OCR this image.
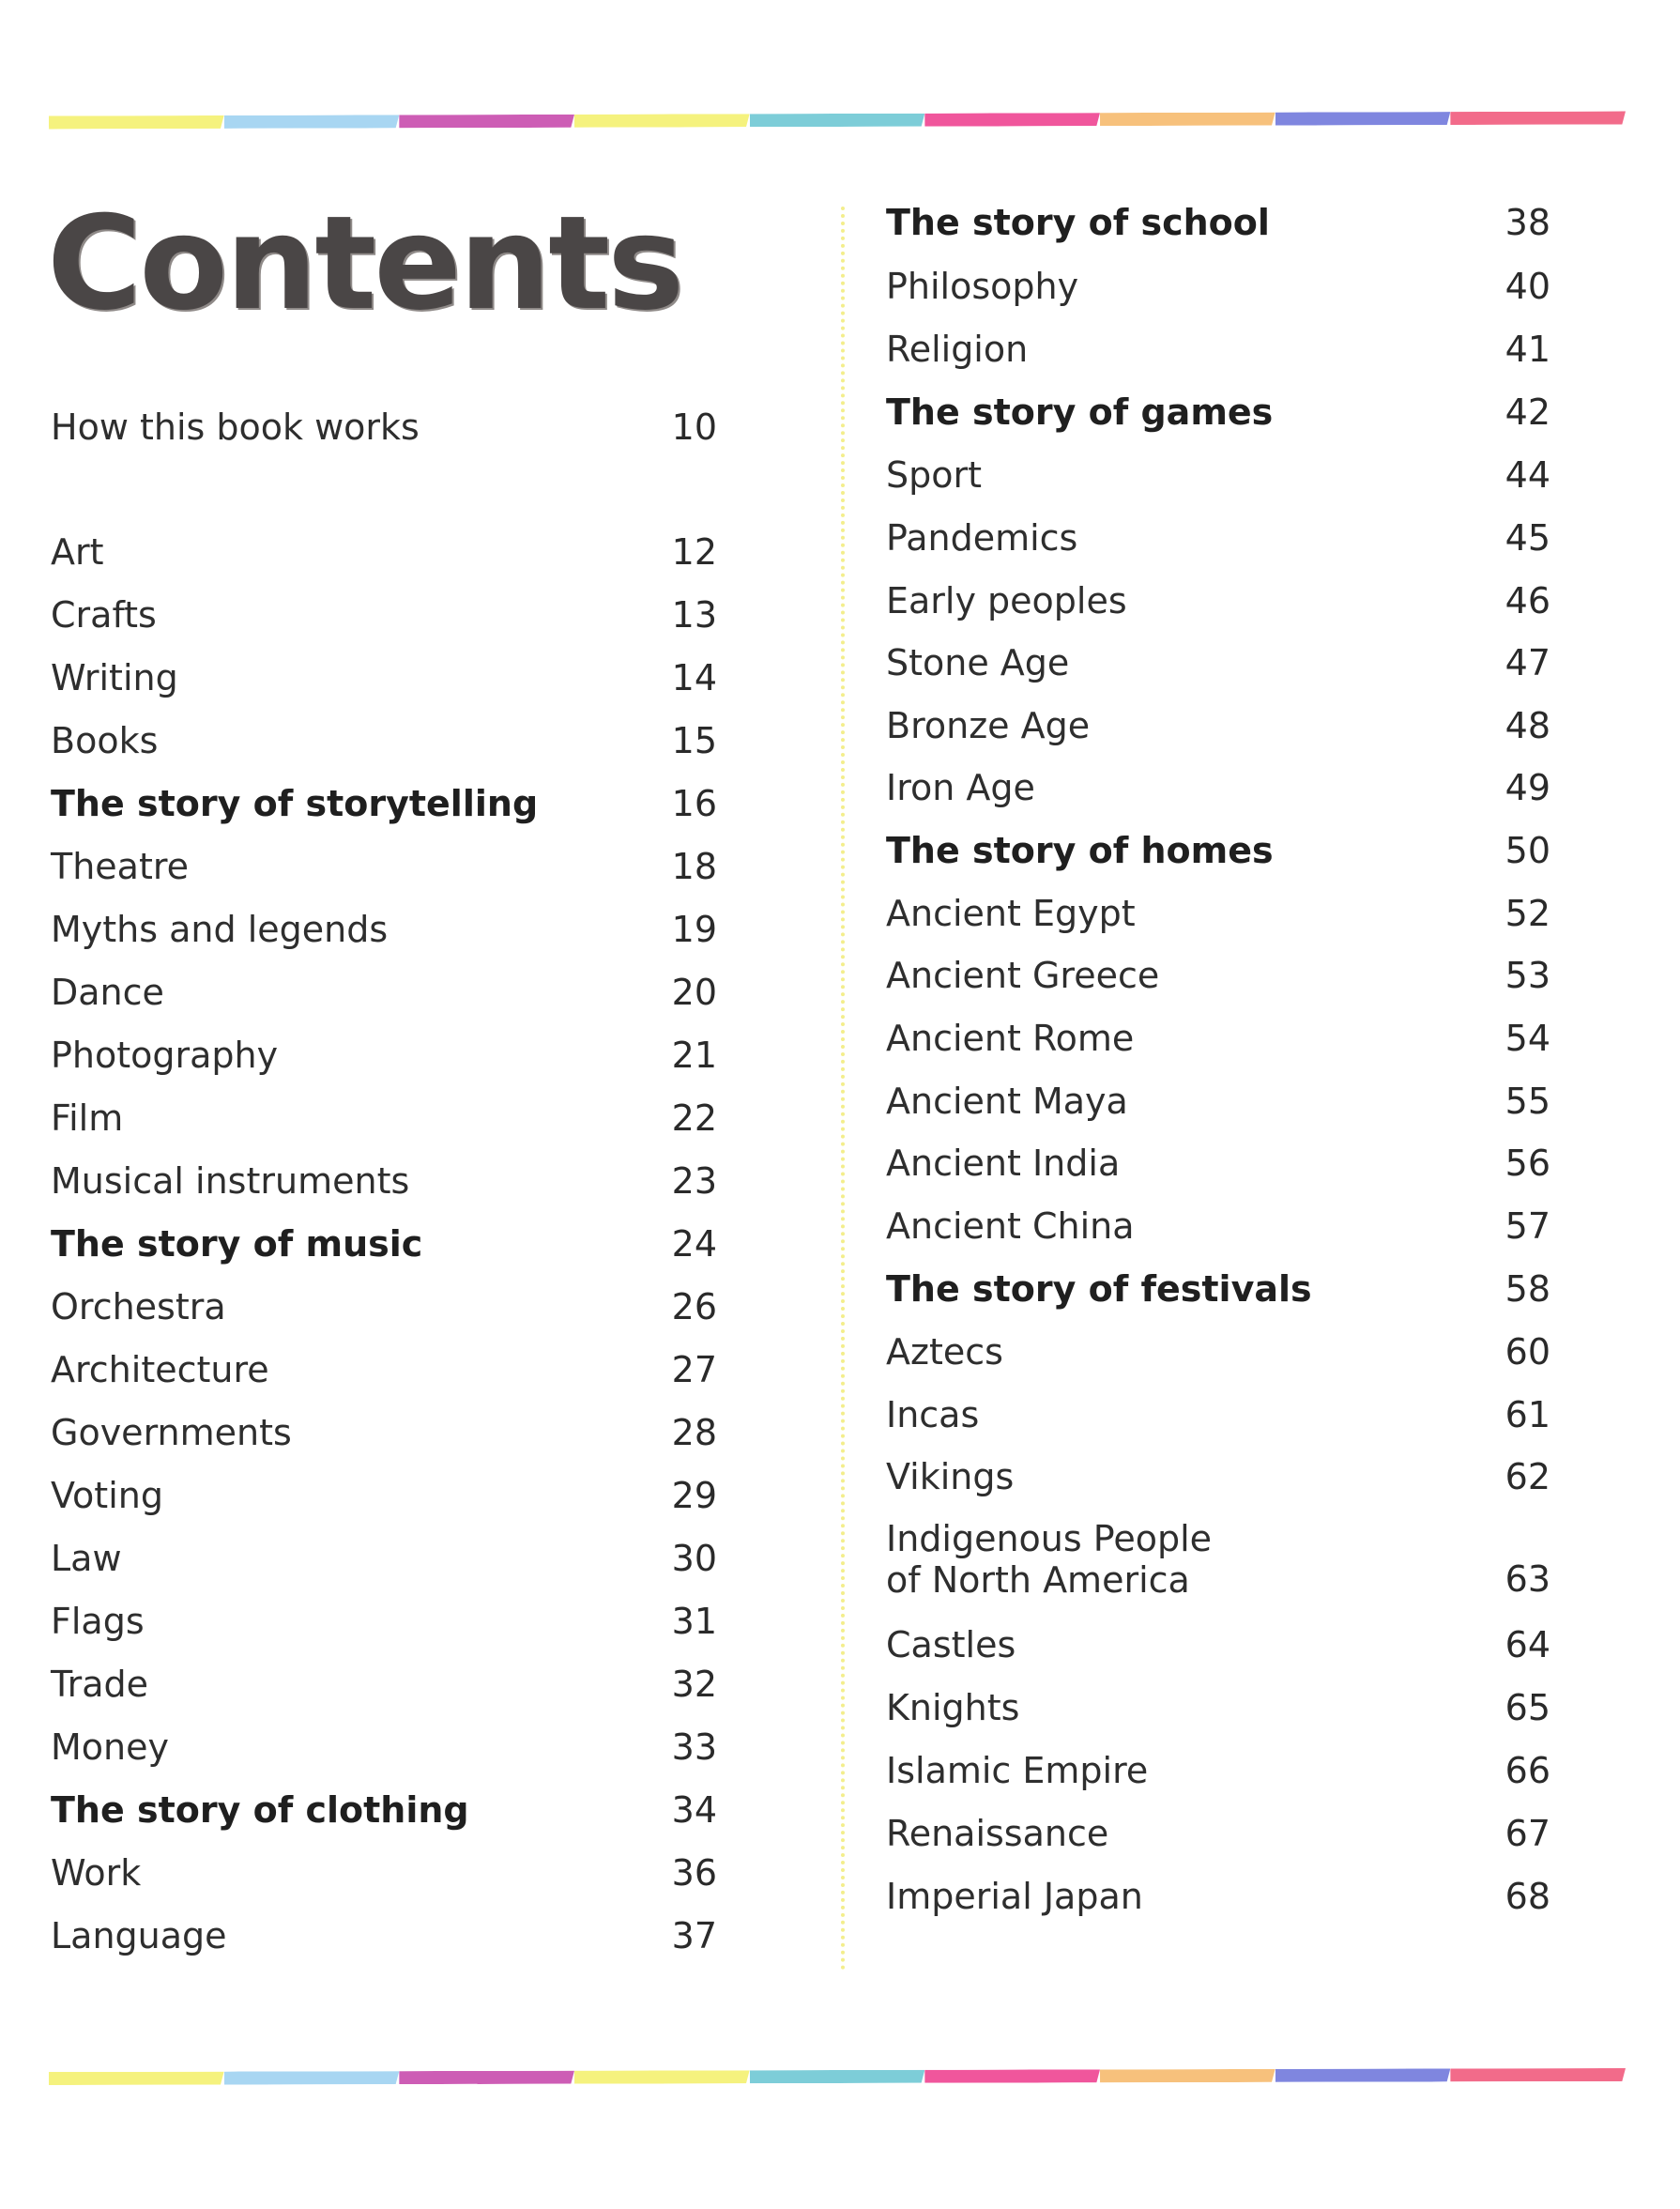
Contents
How this book works	10
Art	12
Crafts	13
Writing	14
Books	15
The story of storytelling	16
Theatre	18
Myths and legends	19
Dance	20
Photography	21
Film	22
Musical instruments	23
The story of music	24
Orchestra	26
Architecture	27
Governments	28
Voting	29
Law	30
Flags	31
Trade	32
Money	33
The story of clothing	34
Work	36
Language	37
The story of school	38
Philosophy	40
Religion	41
The story of games	42
Sport	44
Pandemics	45
Early peoples	46
Stone Age	47
Bronze Age	48
Iron Age	49
The story of homes	50
Ancient Egypt	52
Ancient Greece	53
Ancient Rome	54
Ancient Maya	55
Ancient India	56
Ancient China	57
The story of festivals	58
Aztecs	60
Incas	61
Vikings	62
Indigenous People
of North America	63
Castles	64
Knights	65
Islamic Empire	66
Renaissance	67
Imperial Japan	68
